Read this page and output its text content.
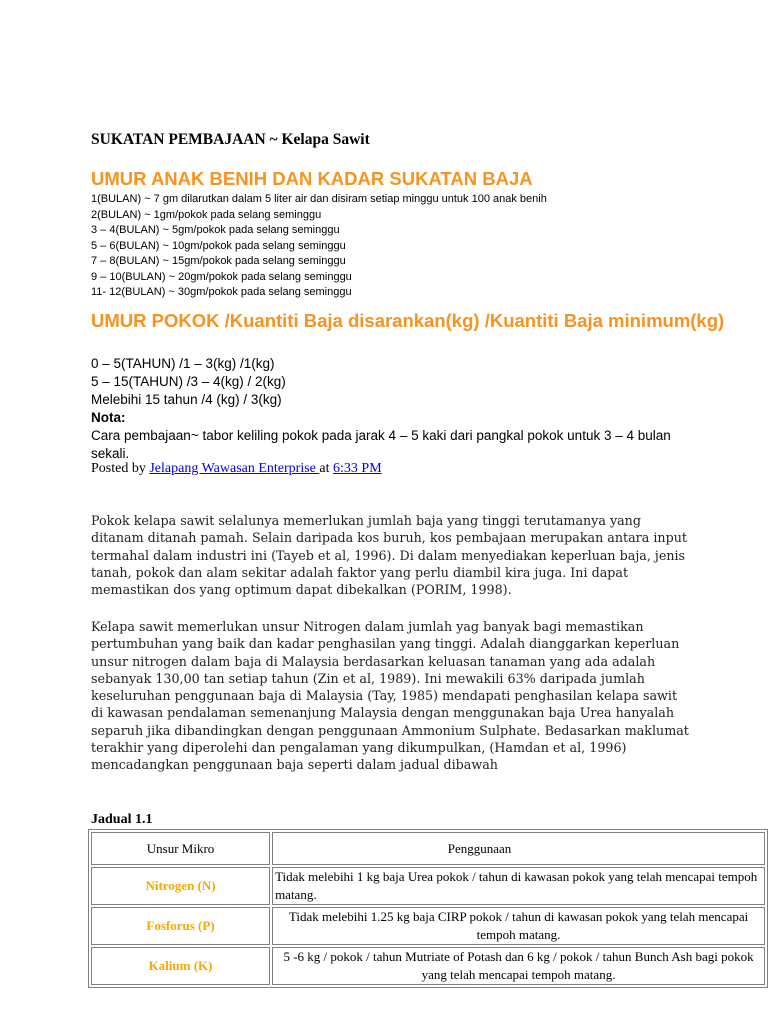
SUKATAN PEMBAJAAN ~ Kelapa Sawit
UMUR ANAK BENIH DAN KADAR SUKATAN BAJA
1(BULAN) ~ 7 gm dilarutkan dalam 5 liter air dan disiram setiap minggu untuk 100 anak benih
2(BULAN) ~ 1gm/pokok pada selang seminggu
3 – 4(BULAN) ~ 5gm/pokok pada selang seminggu
5 – 6(BULAN) ~ 10gm/pokok pada selang seminggu
7 – 8(BULAN) ~ 15gm/pokok pada selang seminggu
9 – 10(BULAN) ~ 20gm/pokok pada selang seminggu
11- 12(BULAN) ~ 30gm/pokok pada selang seminggu
UMUR POKOK /Kuantiti Baja disarankan(kg) /Kuantiti Baja minimum(kg)
0 – 5(TAHUN) /1 – 3(kg) /1(kg)
5 – 15(TAHUN) /3 – 4(kg) / 2(kg)
Melebihi 15 tahun /4 (kg) / 3(kg)
Nota:
Cara pembajaan~ tabor keliling pokok pada jarak 4 – 5 kaki dari pangkal pokok untuk 3 – 4 bulan sekali.
Posted by Jelapang Wawasan Enterprise at 6:33 PM
Pokok kelapa sawit selalunya memerlukan jumlah baja yang tinggi terutamanya yang ditanam ditanah pamah. Selain daripada kos buruh, kos pembajaan merupakan antara input termahal dalam industri ini (Tayeb et al, 1996). Di dalam menyediakan keperluan baja, jenis tanah, pokok dan alam sekitar adalah faktor yang perlu diambil kira juga. Ini dapat memastikan dos yang optimum dapat dibekalkan (PORIM, 1998).
Kelapa sawit memerlukan unsur Nitrogen dalam jumlah yag banyak bagi memastikan pertumbuhan yang baik dan kadar penghasilan yang tinggi. Adalah dianggarkan keperluan unsur nitrogen dalam baja di Malaysia berdasarkan keluasan tanaman yang ada adalah sebanyak 130,00 tan setiap tahun (Zin et al, 1989). Ini mewakili 63% daripada jumlah keseluruhan penggunaan baja di Malaysia (Tay, 1985) mendapati penghasilan kelapa sawit di kawasan pendalaman semenanjung Malaysia dengan menggunakan baja Urea hanyalah separuh jika dibandingkan dengan penggunaan Ammonium Sulphate. Bedasarkan maklumat terakhir yang diperolehi dan pengalaman yang dikumpulkan, (Hamdan et al, 1996) mencadangkan penggunaan baja seperti dalam jadual dibawah
Jadual 1.1
Unsur Mikro	Penggunaan
Nitrogen (N)	Tidak melebihi 1 kg baja Urea pokok / tahun di kawasan pokok yang telah mencapai tempoh matang.
Fosforus (P)	Tidak melebihi 1.25 kg baja CIRP pokok / tahun di kawasan pokok yang telah mencapai tempoh matang.
Kalium (K)	5 -6 kg / pokok / tahun Mutriate of Potash dan 6 kg / pokok / tahun Bunch Ash bagi pokok yang telah mencapai tempoh matang.
